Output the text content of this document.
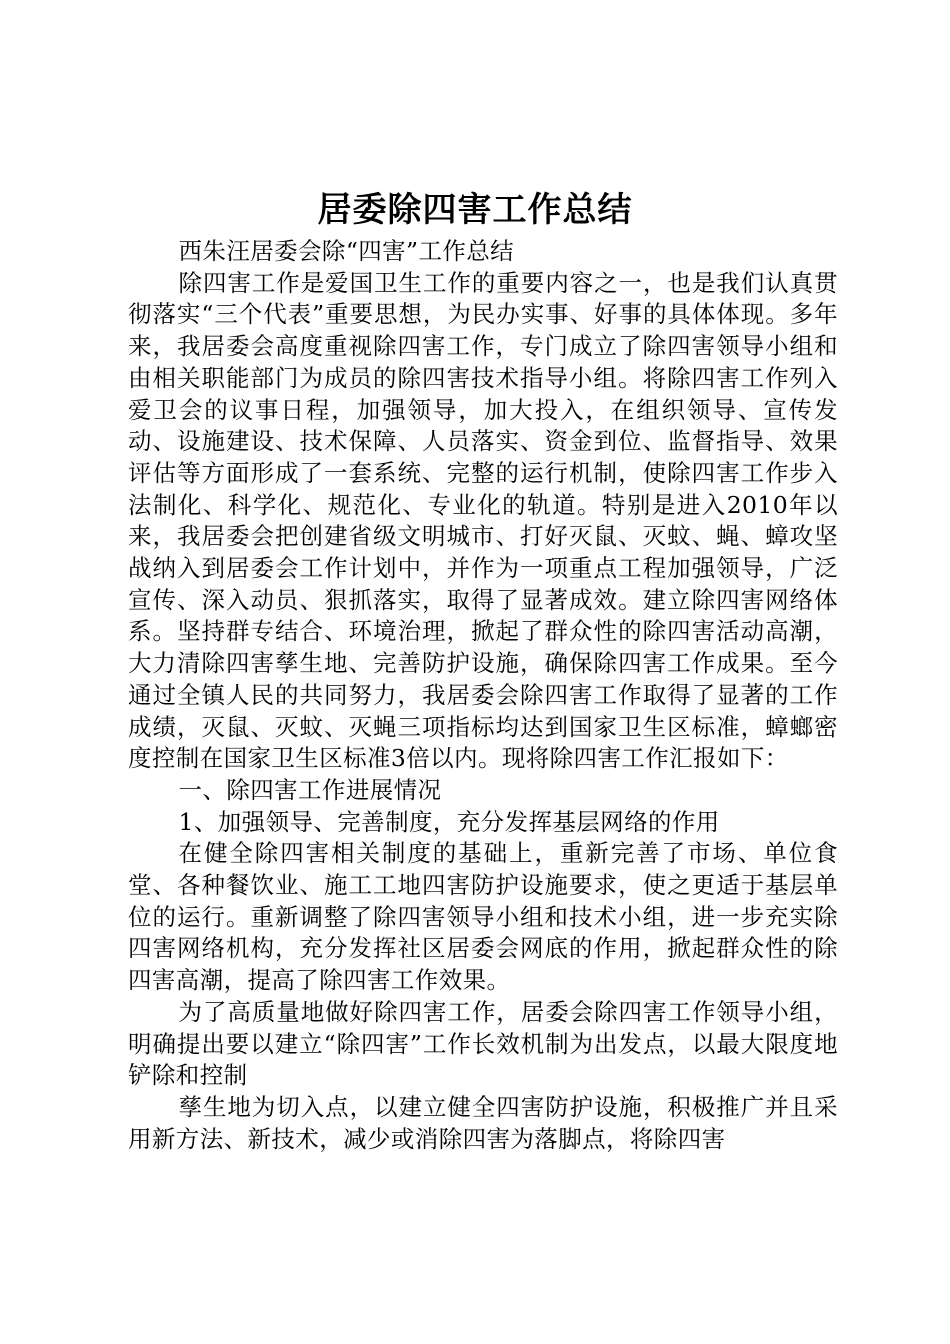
居委除四害工作总结

西朱汪居委会除“四害”工作总结

除四害工作是爱国卫生工作的重要内容之一，也是我们认真贯彻落实“三个代表”重要思想，为民办实事、好事的具体体现。多年来，我居委会高度重视除四害工作，专门成立了除四害领导小组和由相关职能部门为成员的除四害技术指导小组。将除四害工作列入爱卫会的议事日程，加强领导，加大投入，在组织领导、宣传发动、设施建设、技术保障、人员落实、资金到位、监督指导、效果评估等方面形成了一套系统、完整的运行机制，使除四害工作步入法制化、科学化、规范化、专业化的轨道。特别是进入2010年以来，我居委会把创建省级文明城市、打好灭鼠、灭蚊、蝇、蟑攻坚战纳入到居委会工作计划中，并作为一项重点工程加强领导，广泛宣传、深入动员、狠抓落实，取得了显著成效。建立除四害网络体系。坚持群专结合、环境治理，掀起了群众性的除四害活动高潮，大力清除四害孳生地、完善防护设施，确保除四害工作成果。至今通过全镇人民的共同努力，我居委会除四害工作取得了显著的工作成绩，灭鼠、灭蚊、灭蝇三项指标均达到国家卫生区标准，蟑螂密度控制在国家卫生区标准3倍以内。现将除四害工作汇报如下：

一、除四害工作进展情况

1、加强领导、完善制度，充分发挥基层网络的作用

在健全除四害相关制度的基础上，重新完善了市场、单位食堂、各种餐饮业、施工工地四害防护设施要求，使之更适于基层单位的运行。重新调整了除四害领导小组和技术小组，进一步充实除四害网络机构，充分发挥社区居委会网底的作用，掀起群众性的除四害高潮，提高了除四害工作效果。

为了高质量地做好除四害工作，居委会除四害工作领导小组，明确提出要以建立“除四害”工作长效机制为出发点，以最大限度地铲除和控制

孳生地为切入点，以建立健全四害防护设施，积极推广并且采用新方法、新技术，减少或消除四害为落脚点，将除四害
